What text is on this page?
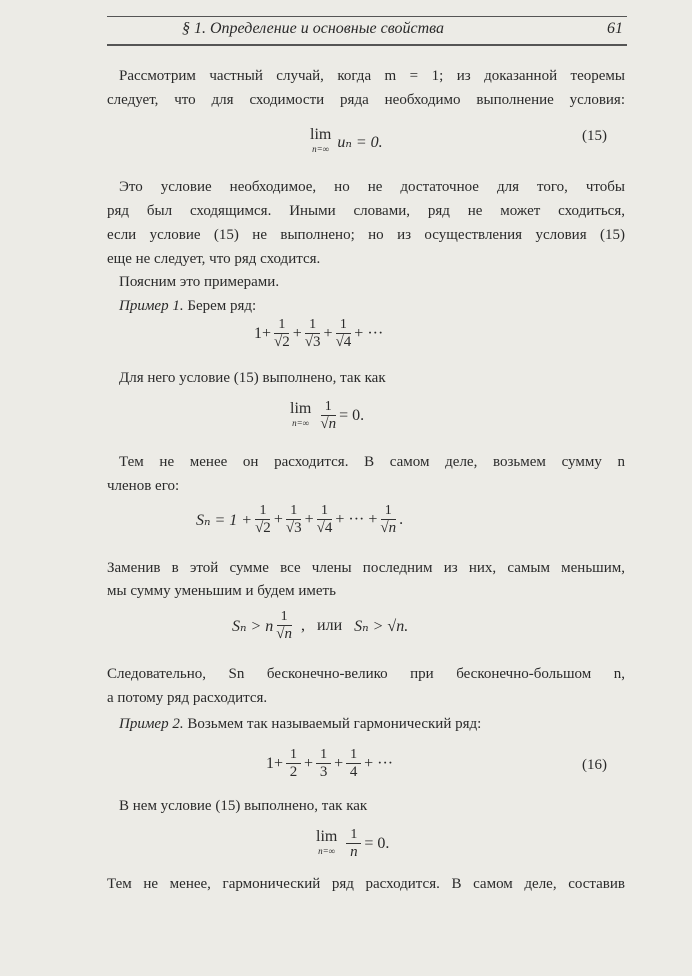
§ 1. Определение и основные свойства	61
Рассмотрим частный случай, когда m = 1; из доказанной теоремы
следует, что для сходимости ряда необходимо выполнение условия:
lim
n=∞ uₙ = 0.	(15)
Это условие необходимое, но не достаточное для того, чтобы
ряд был сходящимся. Иными словами, ряд не может сходиться,
если условие (15) не выполнено; но из осуществления условия (15)
еще не следует, что ряд сходится.
Поясним это примерами.
Пример 1. Берем ряд:
$1 + \frac{1}{√2} + \frac{1}{√3} + \frac{1}{√4}$ + ···
Для него условие (15) выполнено, так как
lim
$n=\infty \frac{1}{√n} = 0$.
Тем не менее он расходится. В самом деле, возьмем сумму n
членов его:
$S_n = 1 + \frac{1}{√2} + \frac{1}{√3} + \frac{1}{√4}$ + ··· + $\frac{1}{√n}$ .
Заменив в этой сумме все члены последним из них, самым меньшим,
мы сумму уменьшим и будем иметь
Sₙ > n
1
√n
, или Sₙ > √n.
Следовательно, Sn бесконечно-велико при бесконечно-большом n,
а потому ряд расходится.
Пример 2. Возьмем так называемый гармонический ряд:
$1 + \frac{1}{2} + \frac{1}{3} + \frac{1}{4}$ + ···	(16)
В нем условие (15) выполнено, так как
lim
$n=\infty \frac{1}{n} = 0$.
Тем не менее, гармонический ряд расходится. В самом деле, составив
